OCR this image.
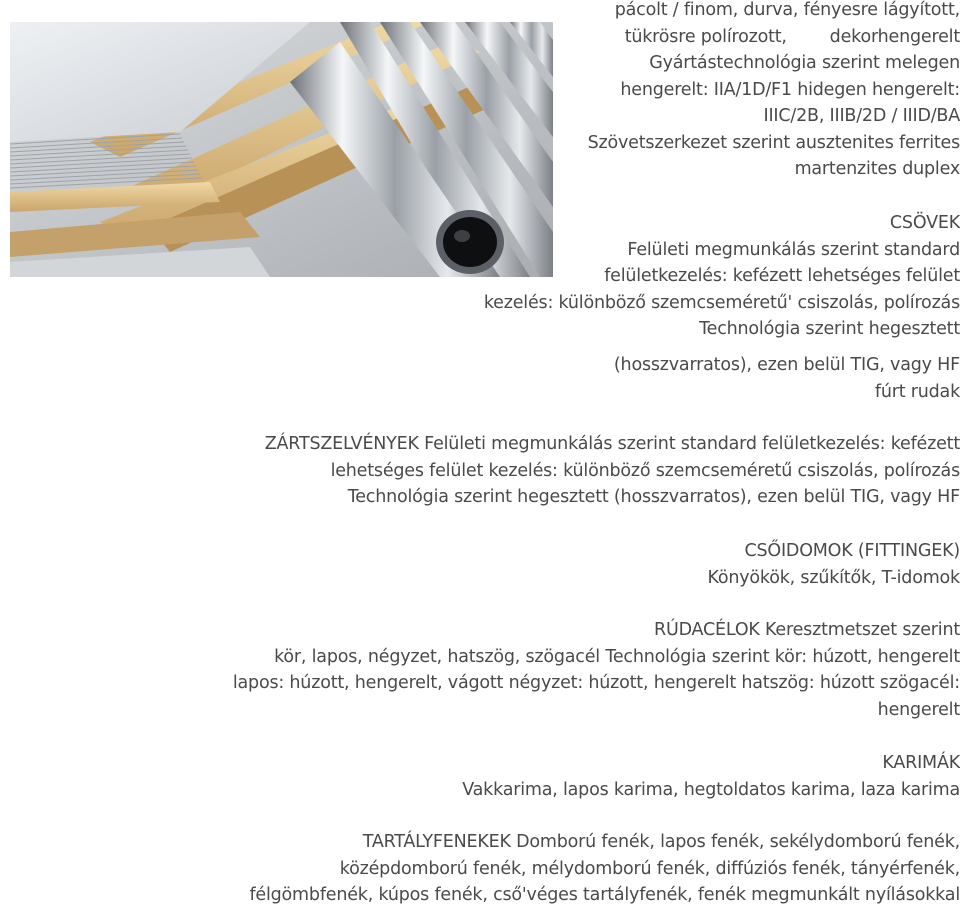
pácolt / finom, durva, fényesre lágyított,
tükrösre polírozott,        dekorhengerelt
Gyártástechnológia szerint melegen
hengerelt: IIA/1D/F1 hidegen hengerelt:
IIIC/2B, IIIB/2D / IIID/BA
Szövetszerkezet szerint ausztenites ferrites
martenzites duplex
CSÖVEK
Felületi megmunkálás szerint standard
felületkezelés: kefézett lehetséges felület
kezelés: különböző szemcseméretű' csiszolás, polírozás
Technológia szerint hegesztett
(hosszvarratos), ezen belül TIG, vagy HF
fúrt rudak
ZÁRTSZELVÉNYEK Felületi megmunkálás szerint standard felületkezelés: kefézett
lehetséges felület kezelés: különböző szemcseméretű csiszolás, polírozás
Technológia szerint hegesztett (hosszvarratos), ezen belül TIG, vagy HF
CSŐIDOMOK (FITTINGEK)
Könyökök, szűkítők, T-idomok
RÚDACÉLOK Keresztmetszet szerint
kör, lapos, négyzet, hatszög, szögacél Technológia szerint kör: húzott, hengerelt
lapos: húzott, hengerelt, vágott négyzet: húzott, hengerelt hatszög: húzott szögacél:
hengerelt
KARIMÁK
Vakkarima, lapos karima, hegtoldatos karima, laza karima
TARTÁLYFENEKEK Domború fenék, lapos fenék, sekélydomború fenék,
középdomború fenék, mélydomború fenék, diffúziós fenék, tányérfenék,
félgömbfenék, kúpos fenék, cső'véges tartályfenék, fenék megmunkált nyílásokkal
